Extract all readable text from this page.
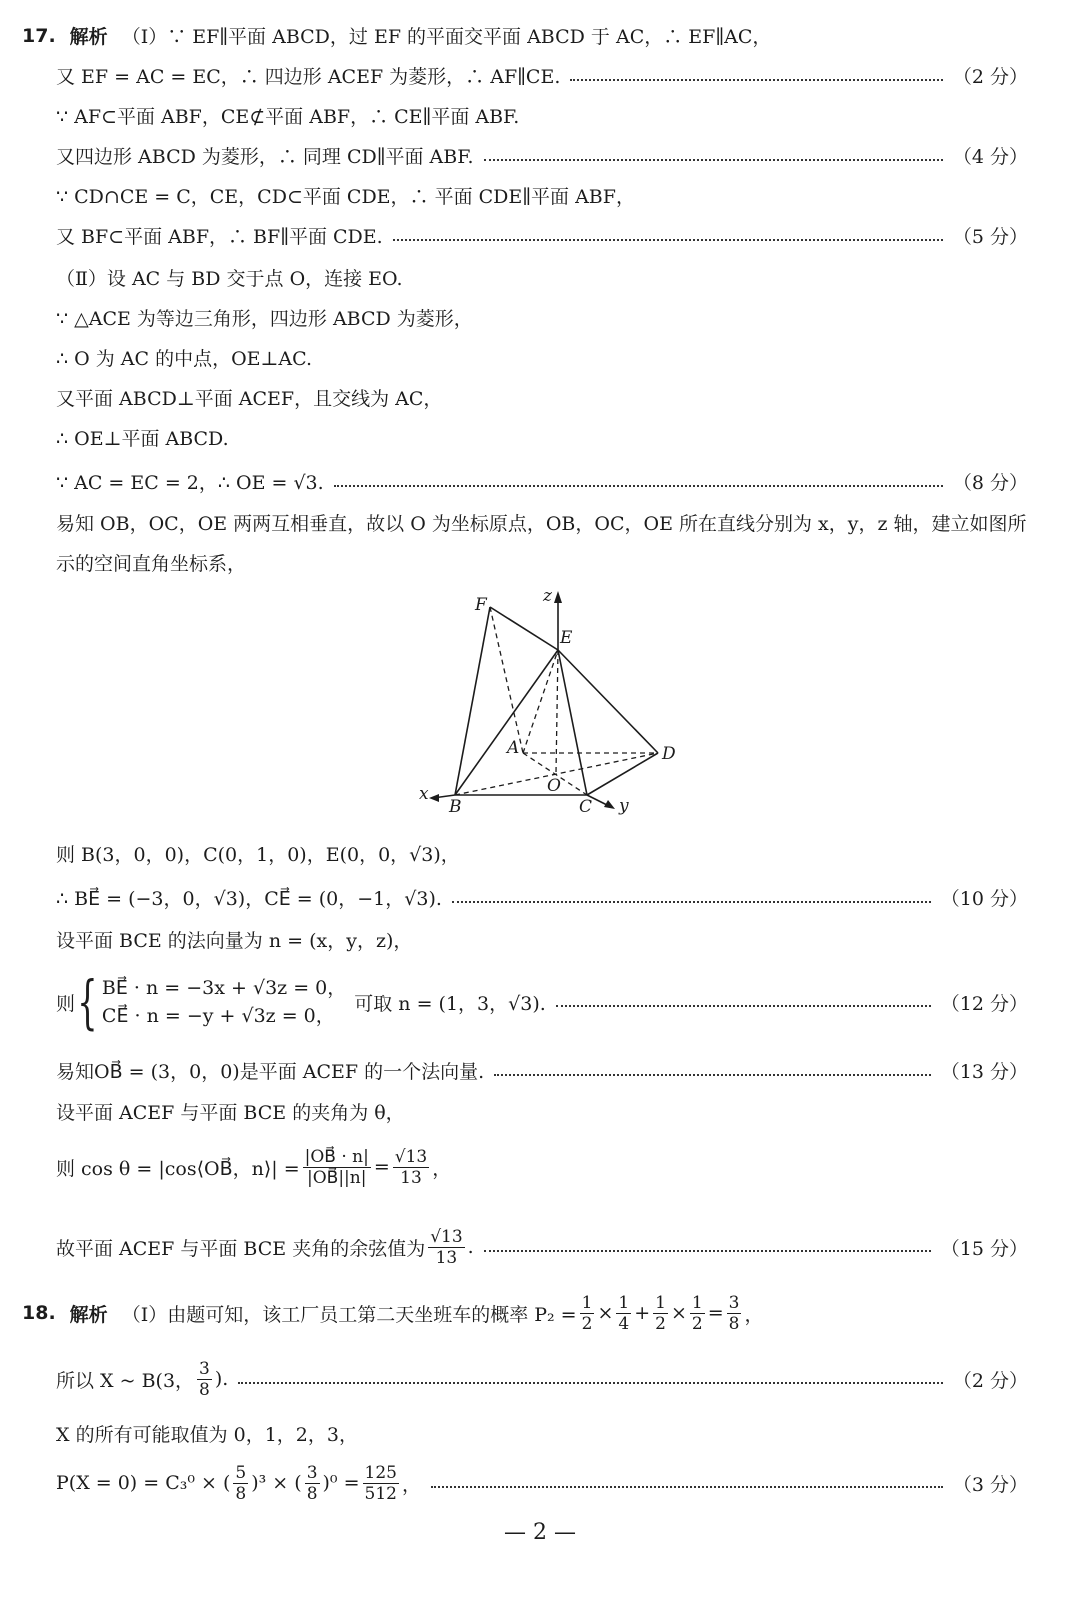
17. 解析 （Ⅰ）∵ EF∥平面 ABCD，过 EF 的平面交平面 ABCD 于 AC，∴ EF∥AC，
又 EF = AC = EC，∴ 四边形 ACEF 为菱形，∴ AF∥CE.	（2 分）
∵ AF⊂平面 ABF，CE⊄平面 ABF，∴ CE∥平面 ABF.
又四边形 ABCD 为菱形，∴ 同理 CD∥平面 ABF.	（4 分）
∵ CD∩CE = C，CE，CD⊂平面 CDE，∴ 平面 CDE∥平面 ABF，
又 BF⊂平面 ABF，∴ BF∥平面 CDE.	（5 分）
（Ⅱ）设 AC 与 BD 交于点 O，连接 EO.
∵ △ACE 为等边三角形，四边形 ABCD 为菱形，
∴ O 为 AC 的中点，OE⊥AC.
又平面 ABCD⊥平面 ACEF，且交线为 AC，
∴ OE⊥平面 ABCD.
∵ AC = EC = 2，∴ OE = √3.	（8 分）
易知 OB，OC，OE 两两互相垂直，故以 O 为坐标原点，OB，OC，OE 所在直线分别为 x，y，z 轴，建立如图所示的空间直角坐标系，
F	z
E
A	D
O
x
B	C y
则 B(3，0，0)，C(0，1，0)，E(0，0，√3)，
∴ BE⃗ = (−3，0，√3)，CE⃗ = (0，−1，√3).	（10 分）
设平面 BCE 的法向量为 n = (x，y，z)，
则 { BE⃗ · n = −3x + √3z = 0，
CE⃗ · n = −y + √3z = 0，
可取 n = (1，3，√3).	（12 分）
易知OB⃗ = (3，0，0)是平面 ACEF 的一个法向量.	（13 分）
设平面 ACEF 与平面 BCE 的夹角为 θ，
则 cos θ = |cos⟨OB⃗，n⟩| = $\frac{|OB⃗ \cdot n|}{|OB⃗||n|} = \frac{√13}{13}$ ，
故平面 ACEF 与平面 BCE 夹角的余弦值为 $\frac{√13}{13}$ .	（15 分）
18. 解析 （Ⅰ）由题可知，该工厂员工第二天坐班车的概率 $P_2 = \frac{1}{2} \times \frac{1}{4} + \frac{1}{2} \times \frac{1}{2} = \frac{3}{8}$ ，
所以 X ~ B(3， $\frac{3}{8}$ ).	（2 分）
X 的所有可能取值为 0，1，2，3，
P(X = 0) = C₃⁰ × ( $\frac{5}{8} )^3$ × ( $\frac{3}{8} )^0 = \frac{125}{512}$ ，	（3 分）
— 2 —
